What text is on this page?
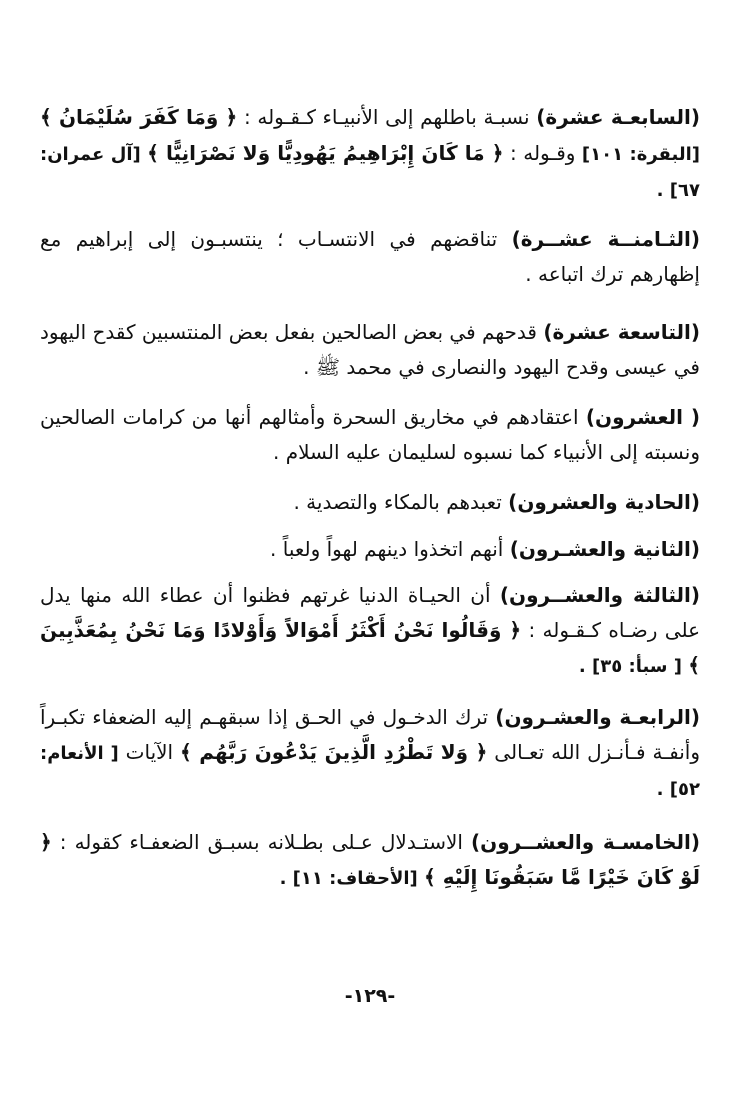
(السابعـة عشرة) نسبـة باطلهم إلى الأنبيـاء كـقـوله : ﴿ وَمَا كَفَرَ سُلَيْمَانُ ﴾ [البقرة: ١٠١] وقـوله : ﴿ مَا كَانَ إِبْرَاهِيمُ يَهُودِيًّا وَلا نَصْرَانِيًّا ﴾ [آل عمران: ٦٧] .
(الثـامنــة عشــرة) تناقضهم في الانتسـاب ؛ ينتسبـون إلى إبراهيم مع إظهارهم ترك اتباعه .
(التاسعة عشرة) قدحهم في بعض الصالحين بفعل بعض المنتسبين كقدح اليهود في عيسى وقدح اليهود والنصارى في محمد ﷺ .
( العشرون) اعتقادهم في مخاريق السحرة وأمثالهم أنها من كرامات الصالحين ونسبته إلى الأنبياء كما نسبوه لسليمان عليه السلام .
(الحادية والعشرون) تعبدهم بالمكاء والتصدية .
(الثانية والعشـرون) أنهم اتخذوا دينهم لهواً ولعباً .
(الثالثة والعشــرون) أن الحيـاة الدنيا غرتهم فظنوا أن عطاء الله منها يدل على رضـاه كـقـوله : ﴿ وَقَالُوا نَحْنُ أَكْثَرُ أَمْوَالاً وَأَوْلادًا وَمَا نَحْنُ بِمُعَذَّبِينَ ﴾ [ سبأ: ٣٥] .
(الرابعـة والعشـرون) ترك الدخـول في الحـق إذا سبقهـم إليه الضعفاء تكبـراً وأنفـة فـأنـزل الله تعـالى ﴿ وَلا تَطْرُدِ الَّذِينَ يَدْعُونَ رَبَّهُم ﴾ الآيات [ الأنعام: ٥٢] .
(الخامسـة والعشــرون) الاستـدلال عـلى بطـلانه بسبـق الضعفـاء كقوله : ﴿ لَوْ كَانَ خَيْرًا مَّا سَبَقُونَا إِلَيْهِ ﴾ [الأحقاف: ١١] .
-١٢٩-
